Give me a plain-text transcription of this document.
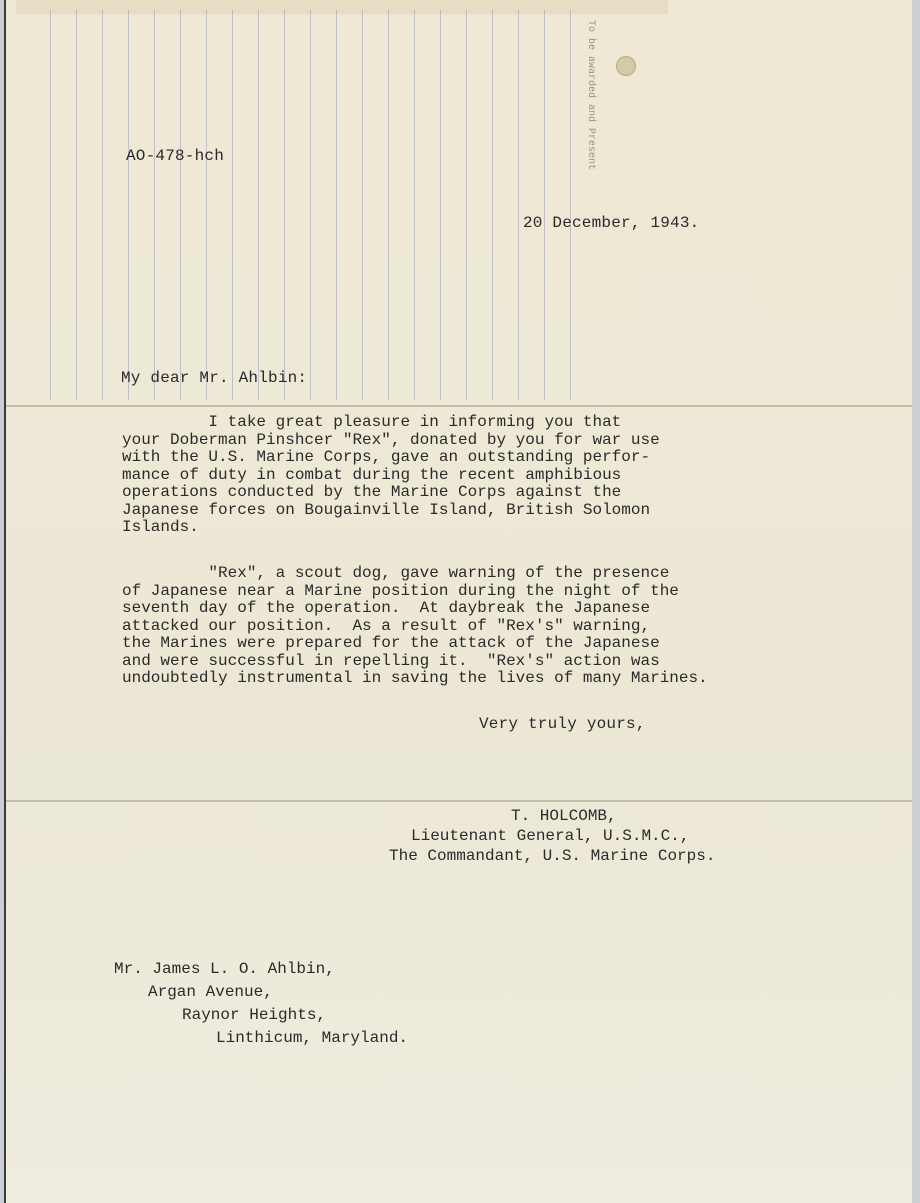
To be awarded and Present
AO-478-hch
20 December, 1943.
My dear Mr. Ahlbin:
I take great pleasure in informing you that
your Doberman Pinshcer "Rex", donated by you for war use
with the U.S. Marine Corps, gave an outstanding perfor-
mance of duty in combat during the recent amphibious
operations conducted by the Marine Corps against the
Japanese forces on Bougainville Island, British Solomon
Islands.
"Rex", a scout dog, gave warning of the presence
of Japanese near a Marine position during the night of the
seventh day of the operation.  At daybreak the Japanese
attacked our position.  As a result of "Rex's" warning,
the Marines were prepared for the attack of the Japanese
and were successful in repelling it.  "Rex's" action was
undoubtedly instrumental in saving the lives of many Marines.
Very truly yours,
T. HOLCOMB,
Lieutenant General, U.S.M.C.,
The Commandant, U.S. Marine Corps.
Mr. James L. O. Ahlbin,
Argan Avenue,
Raynor Heights,
Linthicum, Maryland.
